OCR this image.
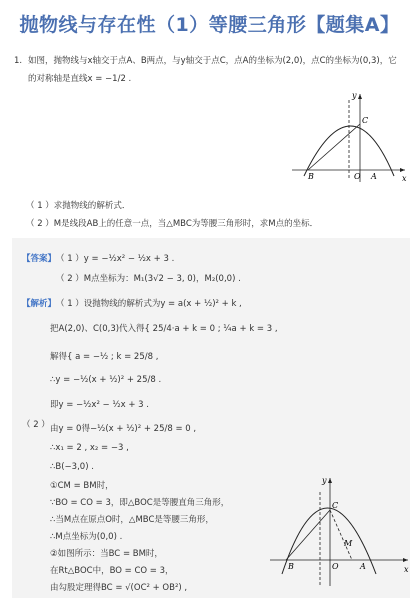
抛物线与存在性（1）等腰三角形【题集A】
1. 如图，抛物线与x轴交于点A、B两点，与y轴交于点C，点A的坐标为(2,0)，点C的坐标为(0,3)，它
的对称轴是直线x = −1/2 .
y
x
C
B	O A
（ 1 ）求抛物线的解析式．
（ 2 ）M是线段AB上的任意一点，当△MBC为等腰三角形时，求M点的坐标．
【答案】 （ 1 ）y = −½x² − ½x + 3 .
（ 2 ）M点坐标为：M₁(3√2 − 3, 0)，M₂(0,0) .
【解析】 （ 1 ）设抛物线的解析式为y = a(x + ½)² + k ,
把A(2,0)、C(0,3)代入得{ 25/4·a + k = 0 ; ¼a + k = 3 ,
解得{ a = −½ ; k = 25/8 ,
∴y = −½(x + ½)² + 25/8 .
即y = −½x² − ½x + 3 .
（ 2 ） 由y = 0得−½(x + ½)² + 25/8 = 0 ,
∴x₁ = 2 , x₂ = −3 ,
∴B(−3,0) .
①CM = BM时，
∵BO = CO = 3，即△BOC是等腰直角三角形，
∴当M点在原点O时，△MBC是等腰三角形，
∴M点坐标为(0,0) .
②如图所示：当BC = BM时，
在Rt△BOC中，BO = CO = 3，
由勾股定理得BC = √(OC² + OB²) ,
y
x
C
B	O	A
M
